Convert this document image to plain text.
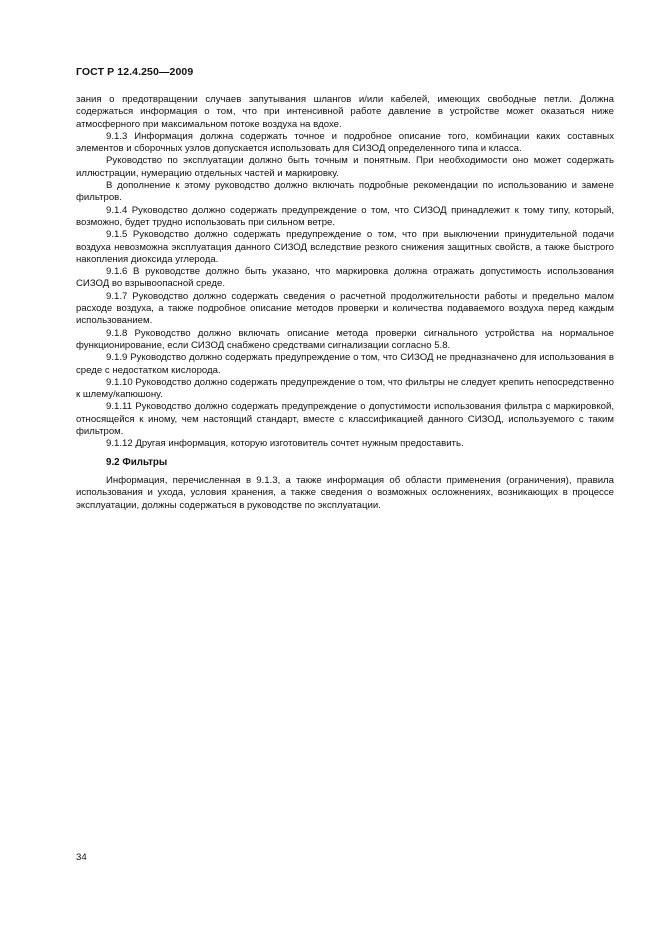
ГОСТ Р 12.4.250—2009

зания о предотвращении случаев запутывания шлангов и/или кабелей, имеющих свободные петли. Должна содержаться информация о том, что при интенсивной работе давление в устройстве может оказаться ниже атмосферного при максимальном потоке воздуха на вдохе.

9.1.3 Информация должна содержать точное и подробное описание того, комбинации каких составных элементов и сборочных узлов допускается использовать для СИЗОД определенного типа и класса.

Руководство по эксплуатации должно быть точным и понятным. При необходимости оно может содержать иллюстрации, нумерацию отдельных частей и маркировку.

В дополнение к этому руководство должно включать подробные рекомендации по использованию и замене фильтров.

9.1.4 Руководство должно содержать предупреждение о том, что СИЗОД принадлежит к тому типу, который, возможно, будет трудно использовать при сильном ветре.

9.1.5 Руководство должно содержать предупреждение о том, что при выключении принудительной подачи воздуха невозможна эксплуатация данного СИЗОД вследствие резкого снижения защитных свойств, а также быстрого накопления диоксида углерода.

9.1.6 В руководстве должно быть указано, что маркировка должна отражать допустимость использования СИЗОД во взрывоопасной среде.

9.1.7 Руководство должно содержать сведения о расчетной продолжительности работы и предельно малом расходе воздуха, а также подробное описание методов проверки и количества подаваемого воздуха перед каждым использованием.

9.1.8 Руководство должно включать описание метода проверки сигнального устройства на нормальное функционирование, если СИЗОД снабжено средствами сигнализации согласно 5.8.

9.1.9 Руководство должно содержать предупреждение о том, что СИЗОД не предназначено для использования в среде с недостатком кислорода.

9.1.10 Руководство должно содержать предупреждение о том, что фильтры не следует крепить непосредственно к шлему/капюшону.

9.1.11 Руководство должно содержать предупреждение о допустимости использования фильтра с маркировкой, относящейся к иному, чем настоящий стандарт, вместе с классификацией данного СИЗОД, используемого с таким фильтром.

9.1.12 Другая информация, которую изготовитель сочтет нужным предоставить.

9.2 Фильтры

Информация, перечисленная в 9.1.3, а также информация об области применения (ограничения), правила использования и ухода, условия хранения, а также сведения о возможных осложнениях, возникающих в процессе эксплуатации, должны содержаться в руководстве по эксплуатации.

34
